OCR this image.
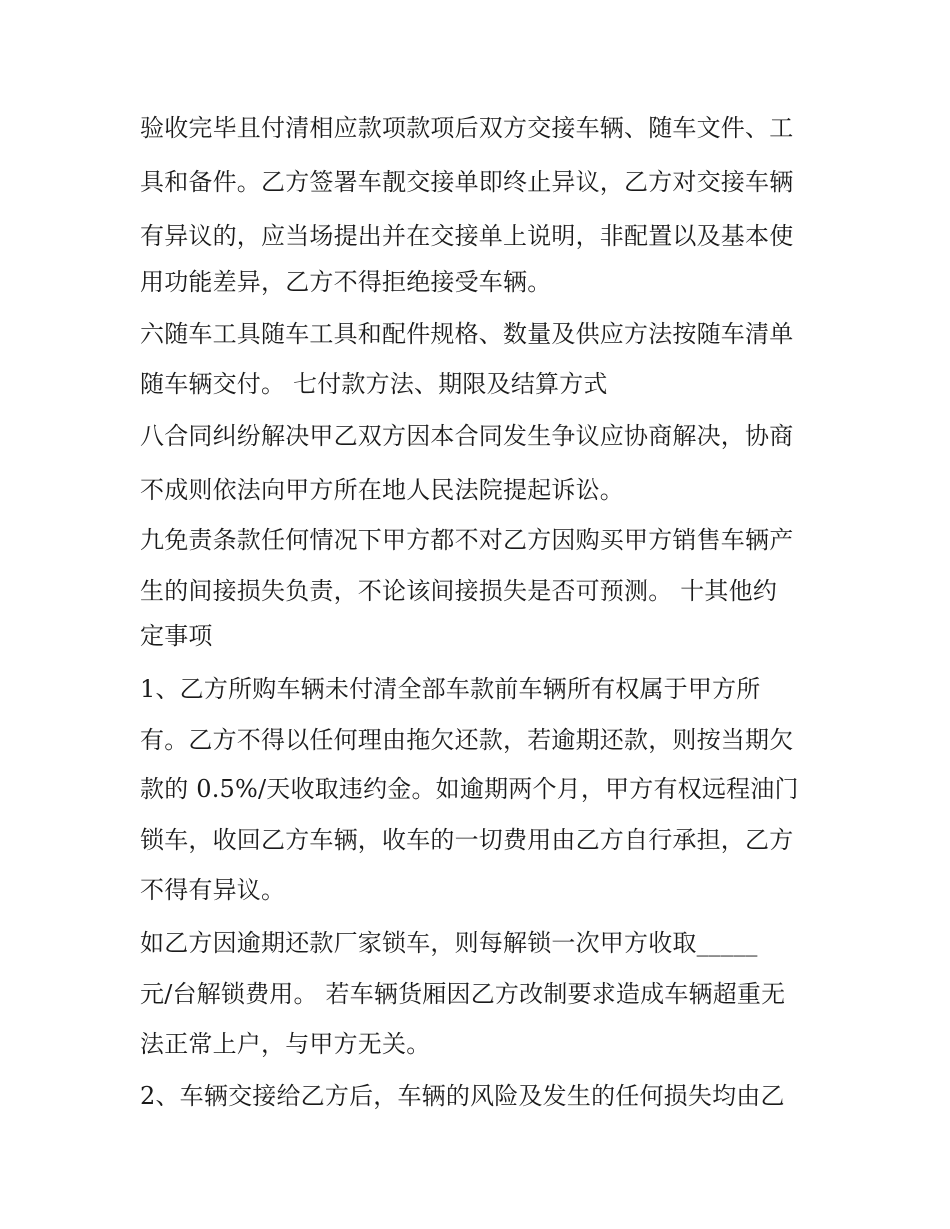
验收完毕且付清相应款项款项后双方交接车辆、随车文件、工
具和备件。乙方签署车靓交接单即终止异议，乙方对交接车辆
有异议的，应当场提出并在交接单上说明，非配置以及基本使
用功能差异，乙方不得拒绝接受车辆。
六随车工具随车工具和配件规格、数量及供应方法按随车清单
随车辆交付。 七付款方法、期限及结算方式
八合同纠纷解决甲乙双方因本合同发生争议应协商解决，协商
不成则依法向甲方所在地人民法院提起诉讼。
九免责条款任何情况下甲方都不对乙方因购买甲方销售车辆产
生的间接损失负责，不论该间接损失是否可预测。 十其他约
定事项
1、乙方所购车辆未付清全部车款前车辆所有权属于甲方所
有。乙方不得以任何理由拖欠还款，若逾期还款，则按当期欠
款的 0.5%/天收取违约金。如逾期两个月，甲方有权远程油门
锁车，收回乙方车辆，收车的一切费用由乙方自行承担，乙方
不得有异议。
如乙方因逾期还款厂家锁车，则每解锁一次甲方收取_____
元/台解锁费用。 若车辆货厢因乙方改制要求造成车辆超重无
法正常上户，与甲方无关。
2、车辆交接给乙方后，车辆的风险及发生的任何损失均由乙
